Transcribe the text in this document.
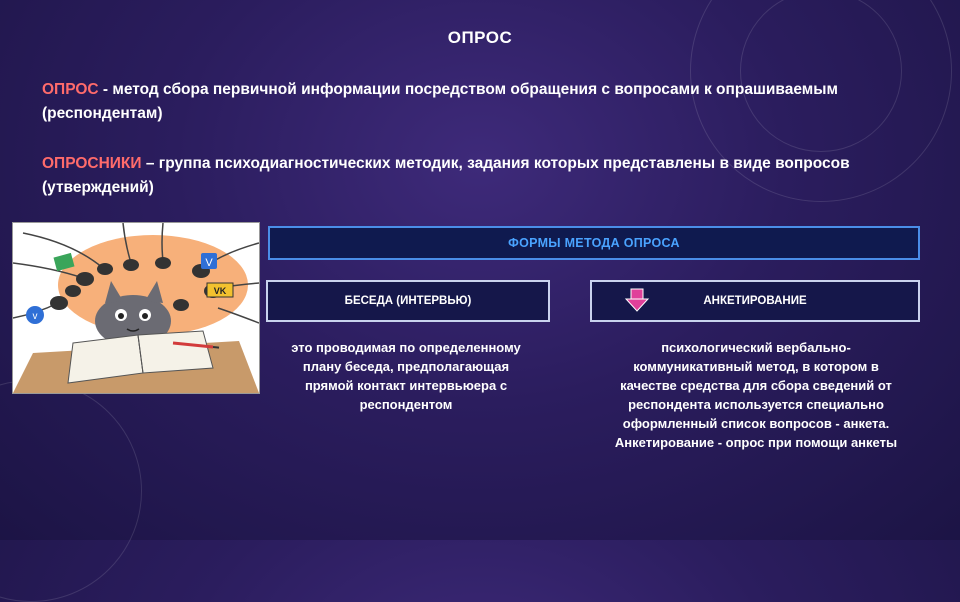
ОПРОС
ОПРОС - метод сбора первичной информации посредством обращения с вопросами к опрашиваемым (респондентам)
ОПРОСНИКИ – группа психодиагностических методик, задания которых представлены в виде вопросов (утверждений)
V
v
VK
ФОРМЫ МЕТОДА ОПРОСА
БЕСЕДА (ИНТЕРВЬЮ)	АНКЕТИРОВАНИЕ
это проводимая по определенному плану беседа, предполагающая прямой контакт интервьюера с респондентом
психологический вербально-коммуникативный метод, в котором в качестве средства для сбора сведений от респондента используется специально оформленный список вопросов - анкета. Анкетирование - опрос при помощи анкеты
